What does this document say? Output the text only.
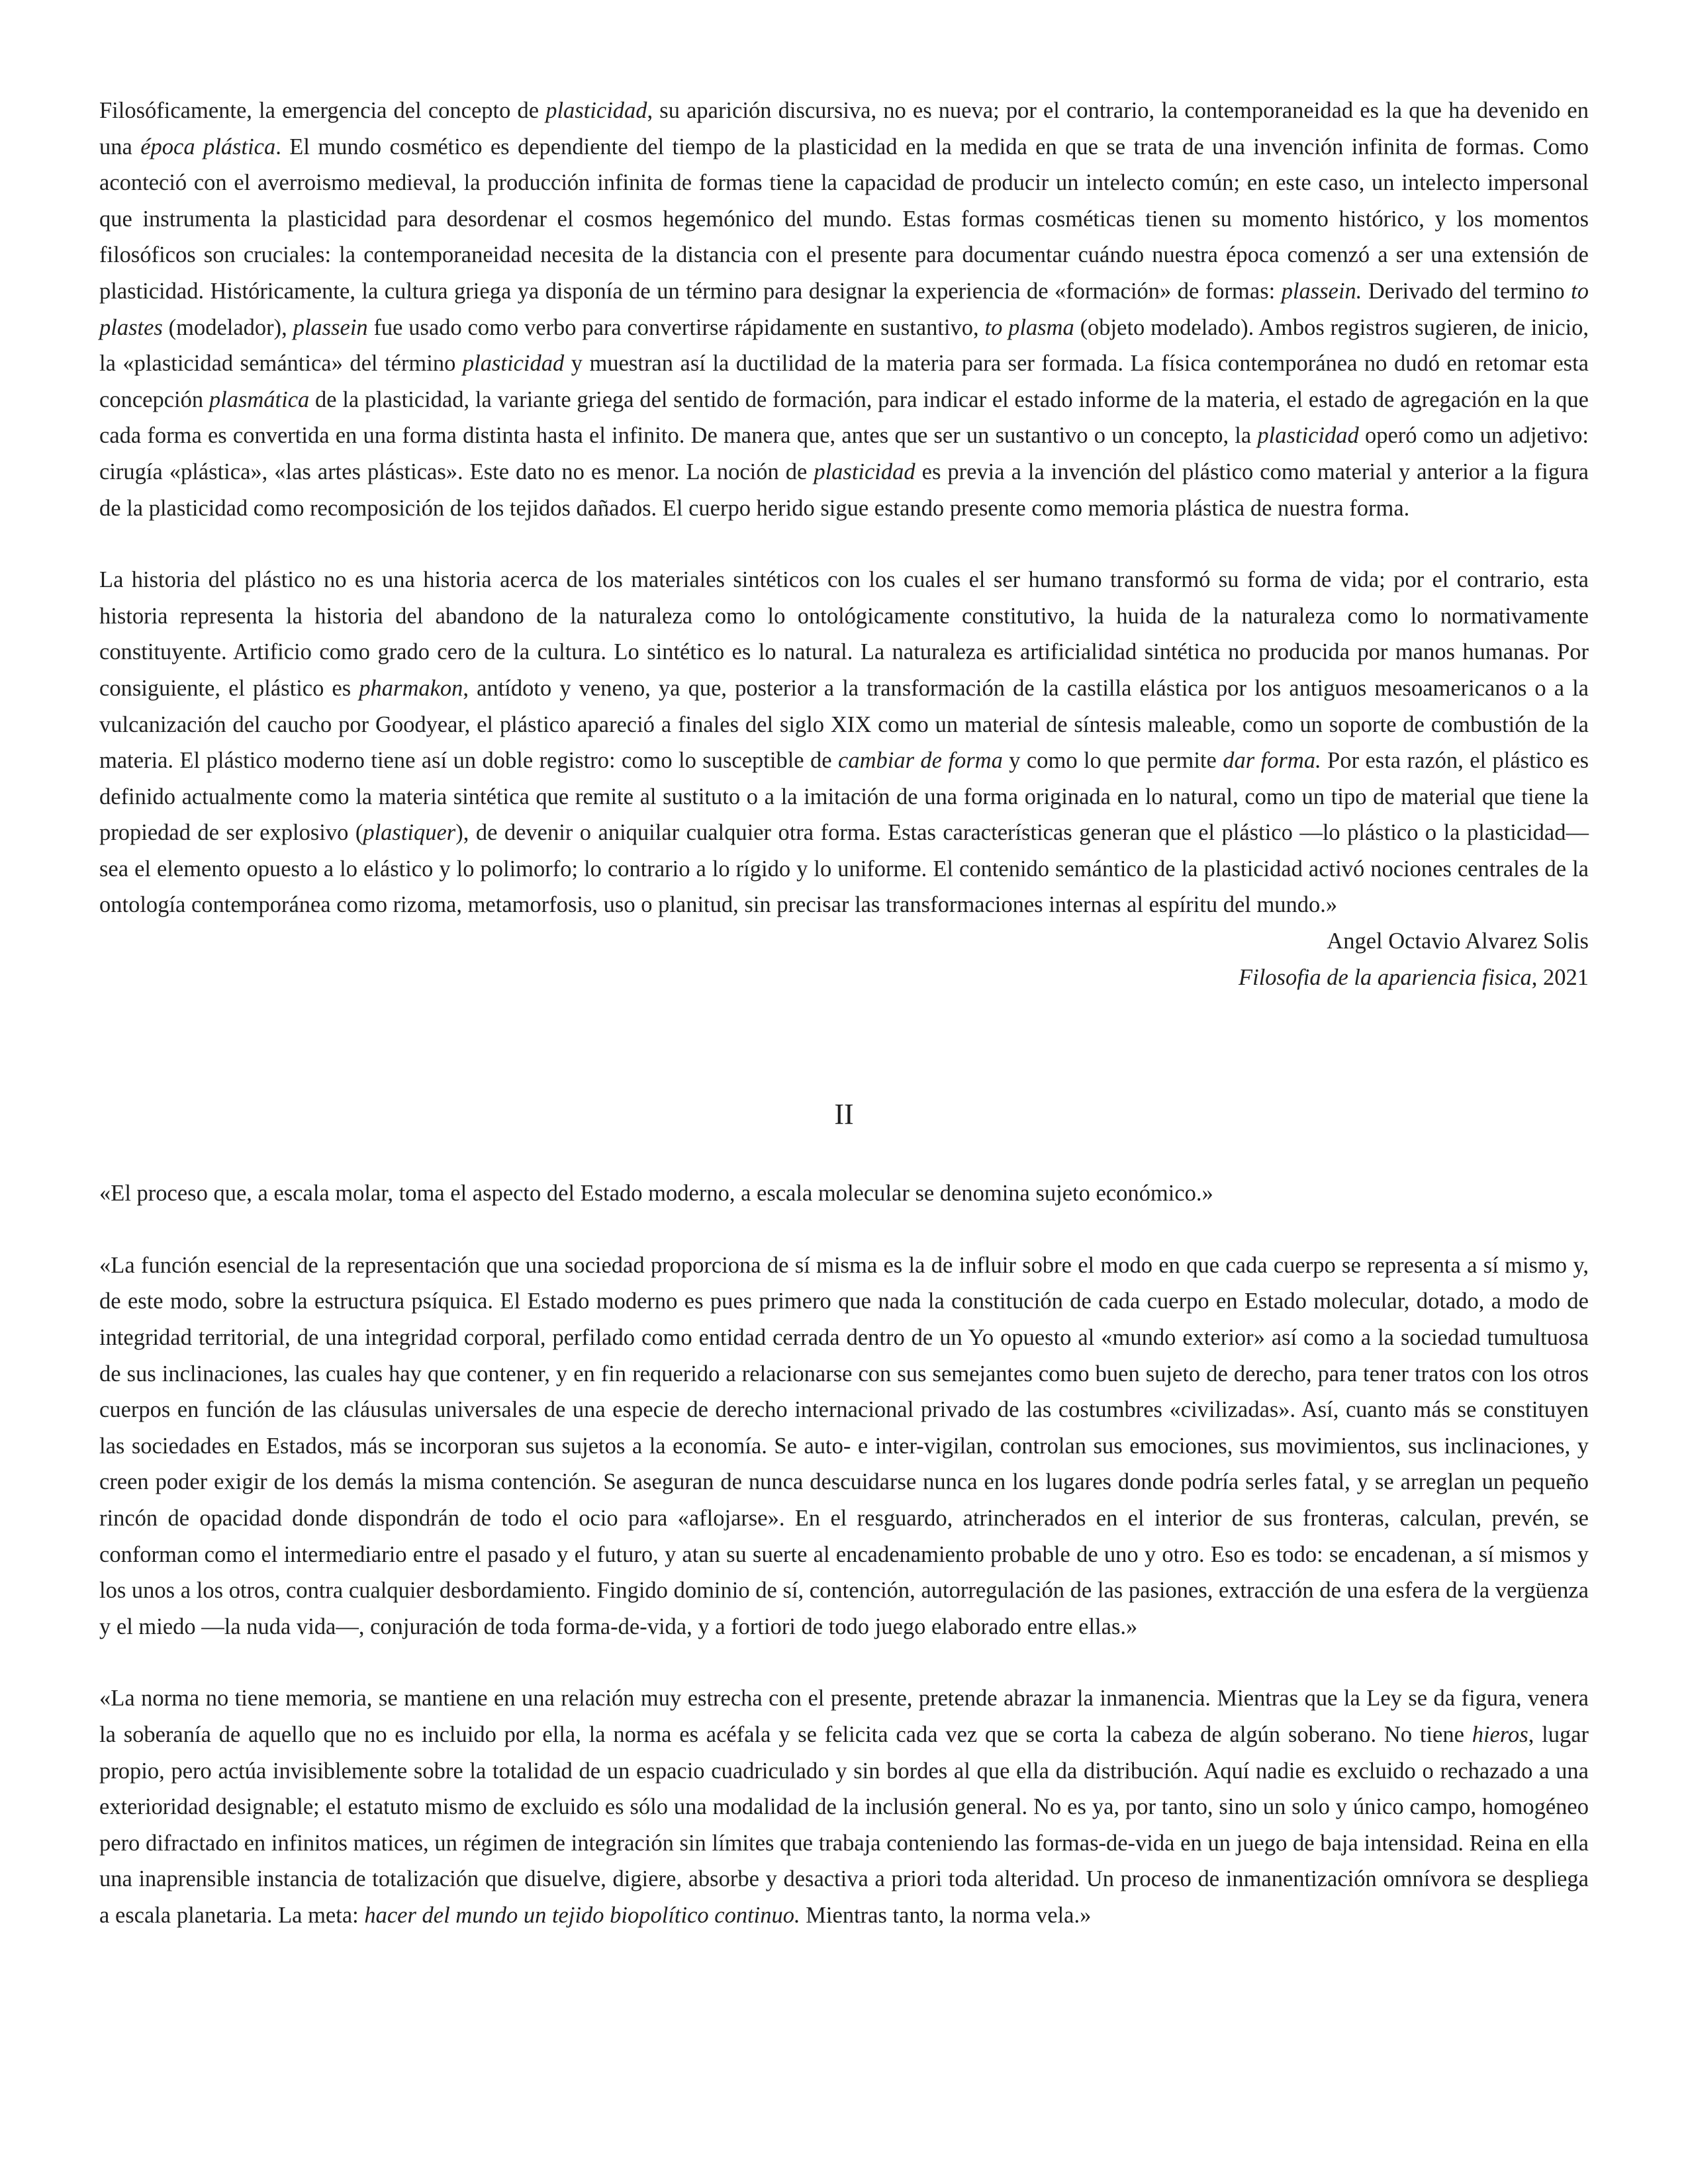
Filosóficamente, la emergencia del concepto de plasticidad, su aparición discursiva, no es nueva; por el contrario, la contemporaneidad es la que ha devenido en una época plástica. El mundo cosmético es dependiente del tiempo de la plasticidad en la medida en que se trata de una invención infinita de formas. Como aconteció con el averroismo medieval, la producción infinita de formas tiene la capacidad de producir un intelecto común; en este caso, un intelecto impersonal que instrumenta la plasticidad para desordenar el cosmos hegemónico del mundo. Estas formas cosméticas tienen su momento histórico, y los momentos filosóficos son cruciales: la contemporaneidad necesita de la distancia con el presente para documentar cuándo nuestra época comenzó a ser una extensión de plasticidad. Históricamente, la cultura griega ya disponía de un término para designar la experiencia de «formación» de formas: plassein. Derivado del termino to plastes (modelador), plassein fue usado como verbo para convertirse rápidamente en sustantivo, to plasma (objeto modelado). Ambos registros sugieren, de inicio, la «plasticidad semántica» del término plasticidad y muestran así la ductilidad de la materia para ser formada. La física contemporánea no dudó en retomar esta concepción plasmática de la plasticidad, la variante griega del sentido de formación, para indicar el estado informe de la materia, el estado de agregación en la que cada forma es convertida en una forma distinta hasta el infinito. De manera que, antes que ser un sustantivo o un concepto, la plasticidad operó como un adjetivo: cirugía «plástica», «las artes plásticas». Este dato no es menor. La noción de plasticidad es previa a la invención del plástico como material y anterior a la figura de la plasticidad como recomposición de los tejidos dañados. El cuerpo herido sigue estando presente como memoria plástica de nuestra forma.

La historia del plástico no es una historia acerca de los materiales sintéticos con los cuales el ser humano transformó su forma de vida; por el contrario, esta historia representa la historia del abandono de la naturaleza como lo ontológicamente constitutivo, la huida de la naturaleza como lo normativamente constituyente. Artificio como grado cero de la cultura. Lo sintético es lo natural. La naturaleza es artificialidad sintética no producida por manos humanas. Por consiguiente, el plástico es pharmakon, antídoto y veneno, ya que, posterior a la transformación de la castilla elástica por los antiguos mesoamericanos o a la vulcanización del caucho por Goodyear, el plástico apareció a finales del siglo XIX como un material de síntesis maleable, como un soporte de combustión de la materia. El plástico moderno tiene así un doble registro: como lo susceptible de cambiar de forma y como lo que permite dar forma. Por esta razón, el plástico es definido actualmente como la materia sintética que remite al sustituto o a la imitación de una forma originada en lo natural, como un tipo de material que tiene la propiedad de ser explosivo (plastiquer), de devenir o aniquilar cualquier otra forma. Estas características generan que el plástico —lo plástico o la plasticidad— sea el elemento opuesto a lo elástico y lo polimorfo; lo contrario a lo rígido y lo uniforme. El contenido semántico de la plasticidad activó nociones centrales de la ontología contemporánea como rizoma, metamorfosis, uso o planitud, sin precisar las transformaciones internas al espíritu del mundo.»

Angel Octavio Alvarez Solis
Filosofia de la apariencia fisica, 2021
II

«El proceso que, a escala molar, toma el aspecto del Estado moderno, a escala molecular se denomina sujeto económico.»

«La función esencial de la representación que una sociedad proporciona de sí misma es la de influir sobre el modo en que cada cuerpo se representa a sí mismo y, de este modo, sobre la estructura psíquica. El Estado moderno es pues primero que nada la constitución de cada cuerpo en Estado molecular, dotado, a modo de integridad territorial, de una integridad corporal, perfilado como entidad cerrada dentro de un Yo opuesto al «mundo exterior» así como a la sociedad tumultuosa de sus inclinaciones, las cuales hay que contener, y en fin requerido a relacionarse con sus semejantes como buen sujeto de derecho, para tener tratos con los otros cuerpos en función de las cláusulas universales de una especie de derecho internacional privado de las costumbres «civilizadas». Así, cuanto más se constituyen las sociedades en Estados, más se incorporan sus sujetos a la economía. Se auto- e inter-vigilan, controlan sus emociones, sus movimientos, sus inclinaciones, y creen poder exigir de los demás la misma contención. Se aseguran de nunca descuidarse nunca en los lugares donde podría serles fatal, y se arreglan un pequeño rincón de opacidad donde dispondrán de todo el ocio para «aflojarse». En el resguardo, atrincherados en el interior de sus fronteras, calculan, prevén, se conforman como el intermediario entre el pasado y el futuro, y atan su suerte al encadenamiento probable de uno y otro. Eso es todo: se encadenan, a sí mismos y los unos a los otros, contra cualquier desbordamiento. Fingido dominio de sí, contención, autorregulación de las pasiones, extracción de una esfera de la vergüenza y el miedo —la nuda vida—, conjuración de toda forma-de-vida, y a fortiori de todo juego elaborado entre ellas.»

«La norma no tiene memoria, se mantiene en una relación muy estrecha con el presente, pretende abrazar la inmanencia. Mientras que la Ley se da figura, venera la soberanía de aquello que no es incluido por ella, la norma es acéfala y se felicita cada vez que se corta la cabeza de algún soberano. No tiene hieros, lugar propio, pero actúa invisiblemente sobre la totalidad de un espacio cuadriculado y sin bordes al que ella da distribución. Aquí nadie es excluido o rechazado a una exterioridad designable; el estatuto mismo de excluido es sólo una modalidad de la inclusión general. No es ya, por tanto, sino un solo y único campo, homogéneo pero difractado en infinitos matices, un régimen de integración sin límites que trabaja conteniendo las formas-de-vida en un juego de baja intensidad. Reina en ella una inaprensible instancia de totalización que disuelve, digiere, absorbe y desactiva a priori toda alteridad. Un proceso de inmanentización omnívora se despliega a escala planetaria. La meta: hacer del mundo un tejido biopolítico continuo. Mientras tanto, la norma vela.»
